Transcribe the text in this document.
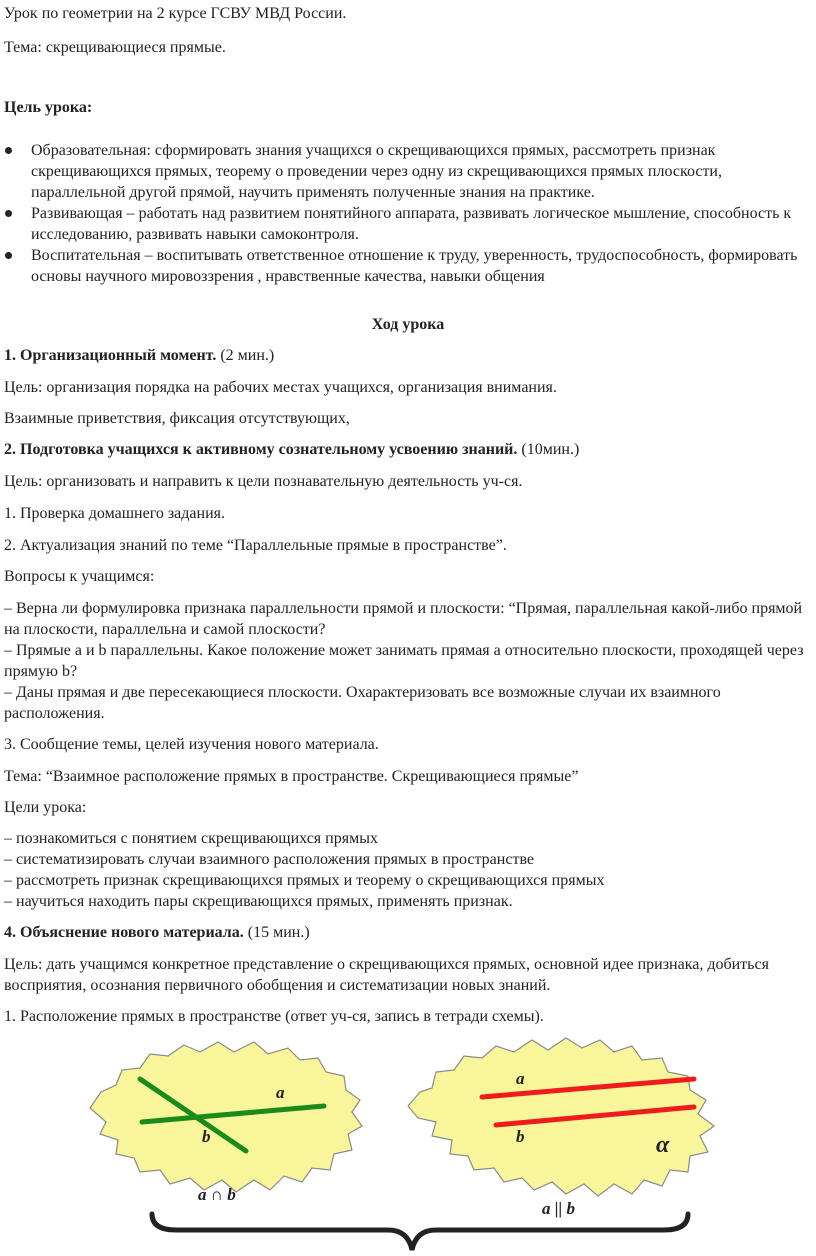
Урок по геометрии на 2 курсе ГСВУ МВД России.

Тема: скрещивающиеся прямые.

Цель урока:

Образовательная: сформировать знания учащихся о скрещивающихся прямых, рассмотреть признак скрещивающихся прямых, теорему о проведении через одну из скрещивающихся прямых плоскости, параллельной другой прямой, научить применять полученные знания на практике.
Развивающая – работать над развитием понятийного аппарата, развивать логическое мышление, способность к исследованию, развивать навыки самоконтроля.
Воспитательная – воспитывать ответственное отношение к труду, уверенность, трудоспособность, формировать основы научного мировоззрения , нравственные качества, навыки общения

Ход урока

1. Организационный момент. (2 мин.)

Цель: организация порядка на рабочих местах учащихся, организация внимания.

Взаимные приветствия, фиксация отсутствующих,

2. Подготовка учащихся к активному сознательному усвоению знаний. (10мин.)

Цель: организовать и направить к цели познавательную деятельность уч-ся.

1. Проверка домашнего задания.

2. Актуализация знаний по теме “Параллельные прямые в пространстве”.

Вопросы к учащимся:

– Верна ли формулировка признака параллельности прямой и плоскости: “Прямая, параллельная какой-либо прямой на плоскости, параллельна и самой плоскости?

– Прямые a и b параллельны. Какое положение может занимать прямая a относительно плоскости, проходящей через прямую b?

– Даны прямая и две пересекающиеся плоскости. Охарактеризовать все возможные случаи их взаимного расположения.

3. Сообщение темы, целей изучения нового материала.

Тема: “Взаимное расположение прямых в пространстве. Скрещивающиеся прямые”

Цели урока:

– познакомиться с понятием скрещивающихся прямых

– систематизировать случаи взаимного расположения прямых в пространстве

– рассмотреть признак скрещивающихся прямых и теорему о скрещивающихся прямых

– научиться находить пары скрещивающихся прямых, применять признак.

4. Объяснение нового материала. (15 мин.)

Цель: дать учащимся конкретное представление о скрещивающихся прямых, основной идее признака, добиться восприятия, осознания первичного обобщения и систематизации новых знаний.

1. Расположение прямых в пространстве (ответ уч-ся, запись в тетради схемы).

a
b
a
b	α
a ∩ b
a || b
